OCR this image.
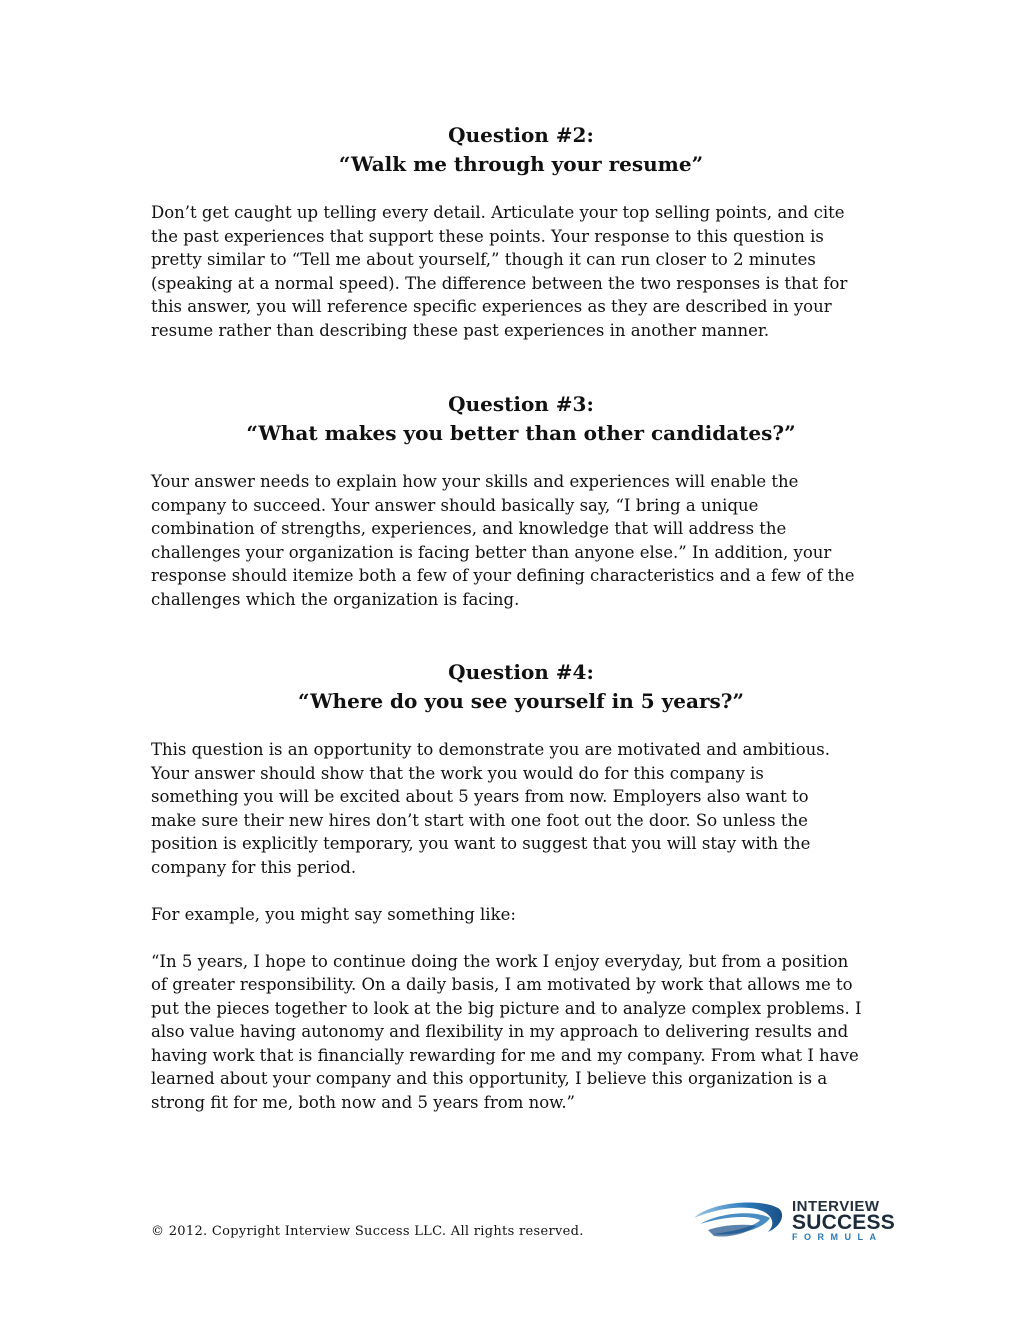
Question #2:

“Walk me through your resume”

Don’t get caught up telling every detail. Articulate your top selling points, and cite
the past experiences that support these points. Your response to this question is
pretty similar to “Tell me about yourself,” though it can run closer to 2 minutes
(speaking at a normal speed). The difference between the two responses is that for
this answer, you will reference specific experiences as they are described in your
resume rather than describing these past experiences in another manner.

Question #3:

“What makes you better than other candidates?”

Your answer needs to explain how your skills and experiences will enable the
company to succeed. Your answer should basically say, “I bring a unique
combination of strengths, experiences, and knowledge that will address the
challenges your organization is facing better than anyone else.” In addition, your
response should itemize both a few of your defining characteristics and a few of the
challenges which the organization is facing.

Question #4:

“Where do you see yourself in 5 years?”

This question is an opportunity to demonstrate you are motivated and ambitious.
Your answer should show that the work you would do for this company is
something you will be excited about 5 years from now. Employers also want to
make sure their new hires don’t start with one foot out the door. So unless the
position is explicitly temporary, you want to suggest that you will stay with the
company for this period.

For example, you might say something like:

“In 5 years, I hope to continue doing the work I enjoy everyday, but from a position
of greater responsibility. On a daily basis, I am motivated by work that allows me to
put the pieces together to look at the big picture and to analyze complex problems. I
also value having autonomy and flexibility in my approach to delivering results and
having work that is financially rewarding for me and my company. From what I have
learned about your company and this opportunity, I believe this organization is a
strong fit for me, both now and 5 years from now.”

© 2012. Copyright Interview Success LLC. All rights reserved.
INTERVIEW
SUCCESS
FORMULA
